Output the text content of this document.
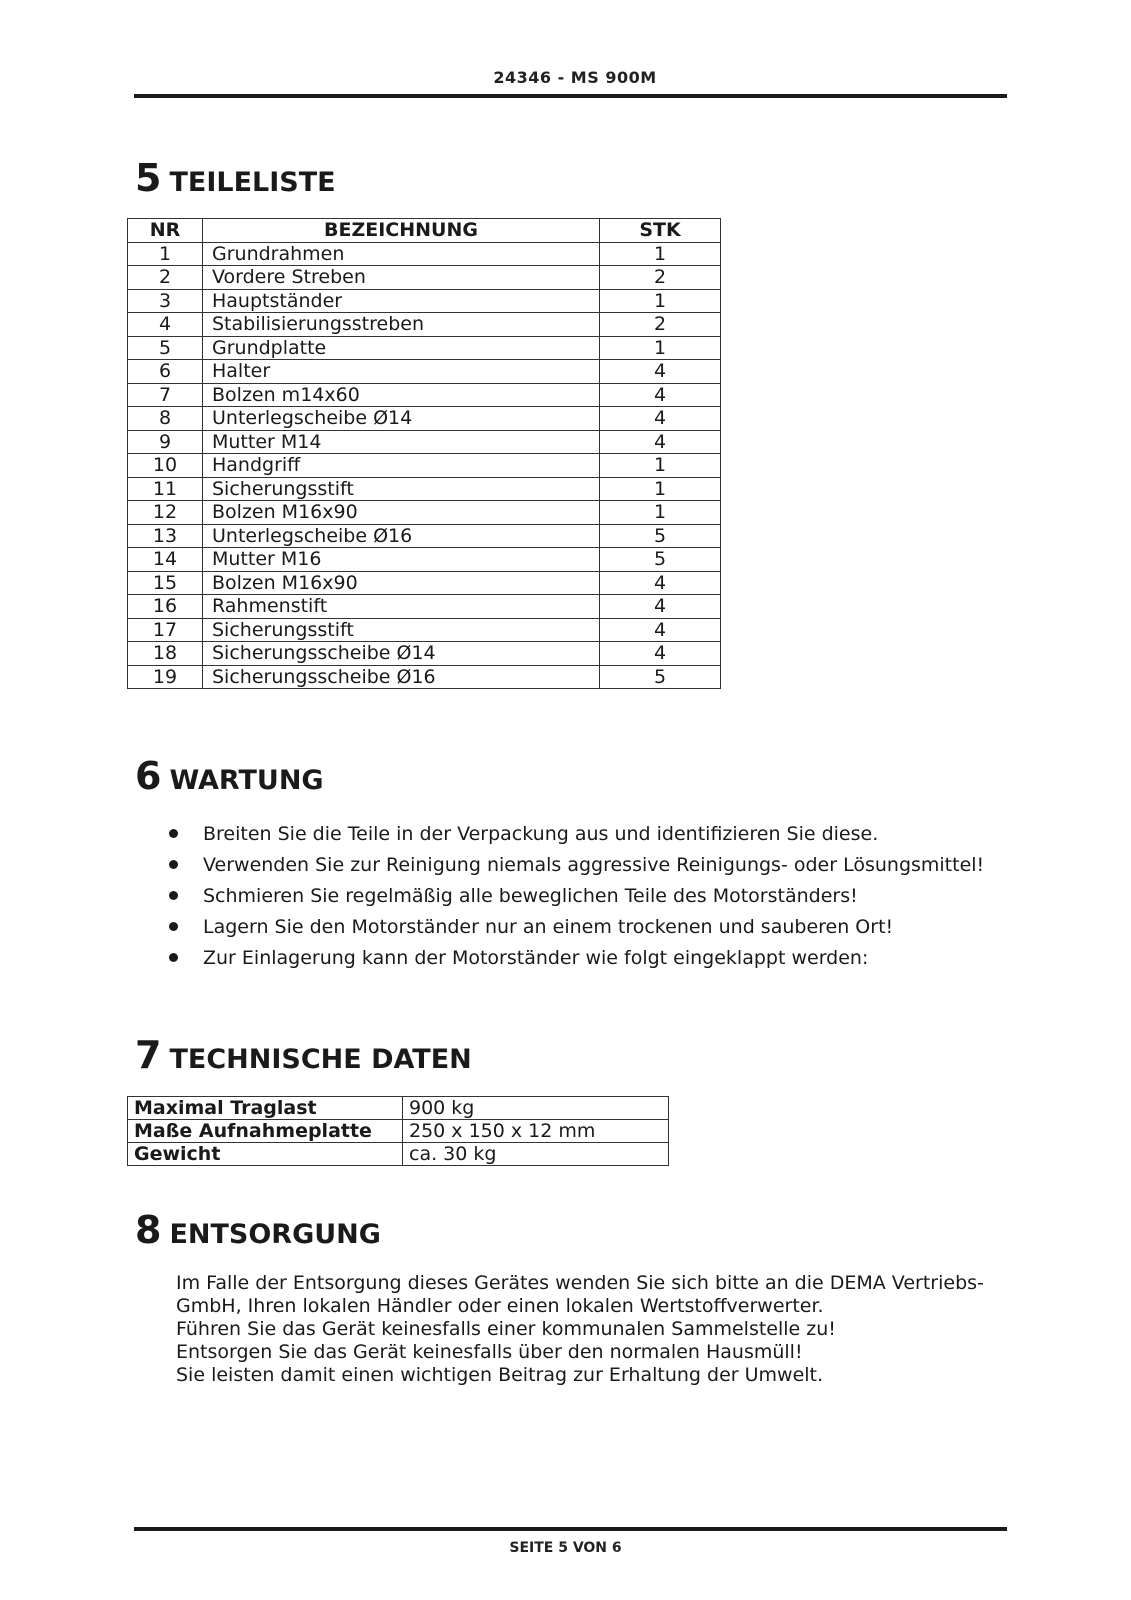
24346 - MS 900M
5 TEILELISTE
NR	BEZEICHNUNG	STK
1	Grundrahmen	1
2	Vordere Streben	2
3	Hauptständer	1
4	Stabilisierungsstreben	2
5	Grundplatte	1
6	Halter	4
7	Bolzen m14x60	4
8	Unterlegscheibe Ø14	4
9	Mutter M14	4
10	Handgriff	1
11	Sicherungsstift	1
12	Bolzen M16x90	1
13	Unterlegscheibe Ø16	5
14	Mutter M16	5
15	Bolzen M16x90	4
16	Rahmenstift	4
17	Sicherungsstift	4
18	Sicherungsscheibe Ø14	4
19	Sicherungsscheibe Ø16	5
6 WARTUNG
Breiten Sie die Teile in der Verpackung aus und identifizieren Sie diese.
Verwenden Sie zur Reinigung niemals aggressive Reinigungs- oder Lösungsmittel!
Schmieren Sie regelmäßig alle beweglichen Teile des Motorständers!
Lagern Sie den Motorständer nur an einem trockenen und sauberen Ort!
Zur Einlagerung kann der Motorständer wie folgt eingeklappt werden:
7 TECHNISCHE DATEN
Maximal Traglast	900 kg
Maße Aufnahmeplatte	250 x 150 x 12 mm
Gewicht	ca. 30 kg
8 ENTSORGUNG

Im Falle der Entsorgung dieses Gerätes wenden Sie sich bitte an die DEMA Vertriebs-

GmbH, Ihren lokalen Händler oder einen lokalen Wertstoffverwerter.

Führen Sie das Gerät keinesfalls einer kommunalen Sammelstelle zu!

Entsorgen Sie das Gerät keinesfalls über den normalen Hausmüll!

Sie leisten damit einen wichtigen Beitrag zur Erhaltung der Umwelt.

SEITE 5 VON 6
